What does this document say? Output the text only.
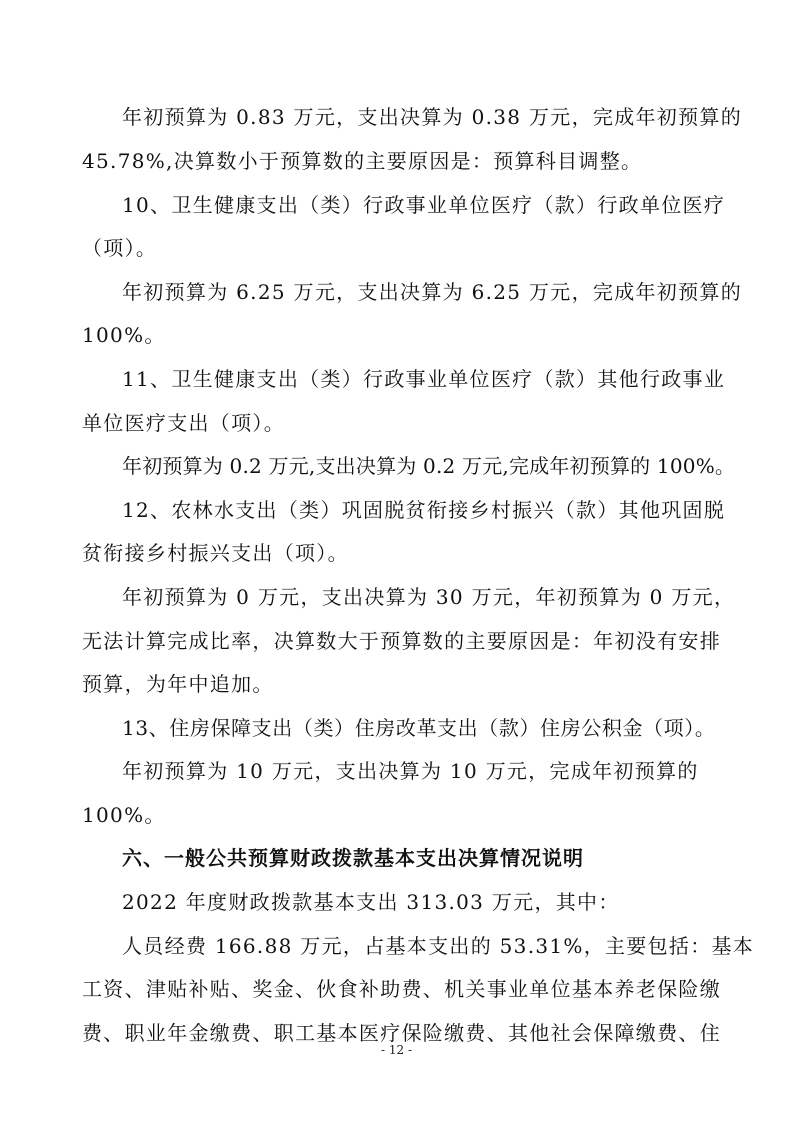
年初预算为 0.83 万元，支出决算为 0.38 万元，完成年初预算的
45.78%,决算数小于预算数的主要原因是：预算科目调整。
10、卫生健康支出（类）行政事业单位医疗（款）行政单位医疗
（项）。
年初预算为 6.25 万元，支出决算为 6.25 万元，完成年初预算的
100%。
11、卫生健康支出（类）行政事业单位医疗（款）其他行政事业
单位医疗支出（项）。
年初预算为 0.2 万元,支出决算为 0.2 万元,完成年初预算的 100%。
12、农林水支出（类）巩固脱贫衔接乡村振兴（款）其他巩固脱
贫衔接乡村振兴支出（项）。
年初预算为 0 万元，支出决算为 30 万元，年初预算为 0 万元，
无法计算完成比率，决算数大于预算数的主要原因是：年初没有安排
预算，为年中追加。
13、住房保障支出（类）住房改革支出（款）住房公积金（项）。
年初预算为 10 万元，支出决算为 10 万元，完成年初预算的
100%。
六、一般公共预算财政拨款基本支出决算情况说明
2022 年度财政拨款基本支出 313.03 万元，其中：
人员经费 166.88 万元，占基本支出的 53.31%，主要包括：基本
工资、津贴补贴、奖金、伙食补助费、机关事业单位基本养老保险缴
费、职业年金缴费、职工基本医疗保险缴费、其他社会保障缴费、住
- 12 -
